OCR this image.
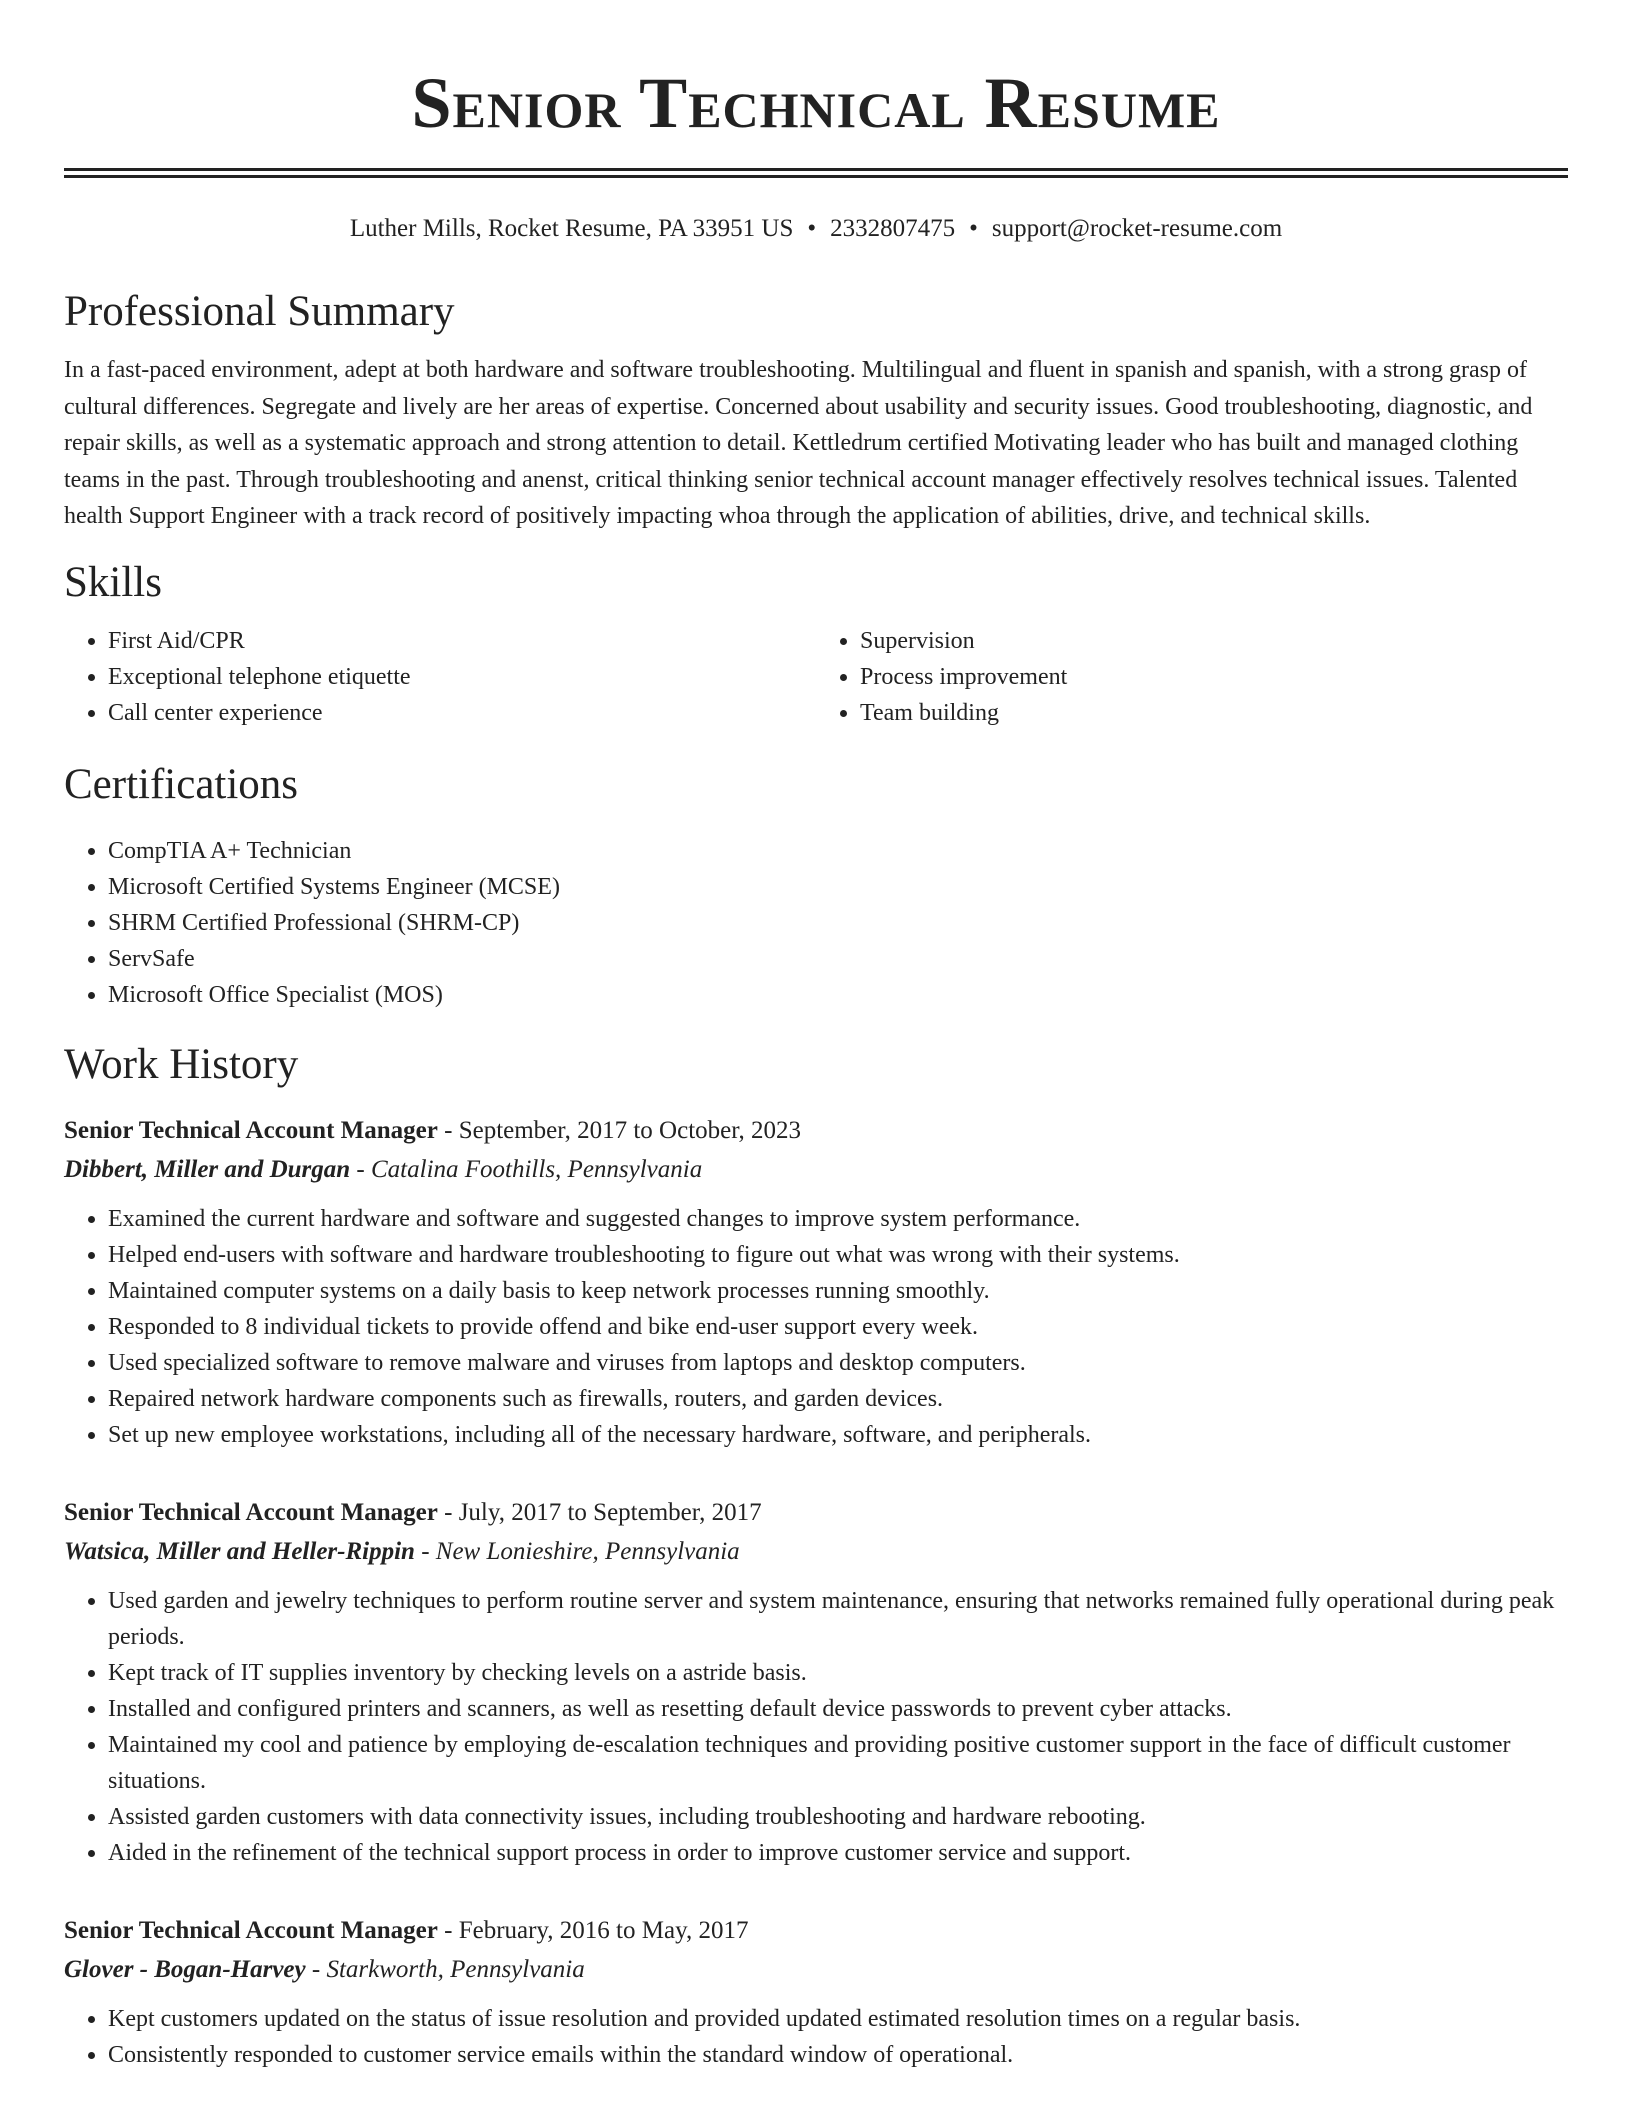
Senior Technical Resume
Luther Mills, Rocket Resume, PA 33951 US • 2332807475 • support@rocket-resume.com
Professional Summary

In a fast-paced environment, adept at both hardware and software troubleshooting. Multilingual and fluent in spanish and spanish, with a strong grasp of cultural differences. Segregate and lively are her areas of expertise. Concerned about usability and security issues. Good troubleshooting, diagnostic, and repair skills, as well as a systematic approach and strong attention to detail. Kettledrum certified Motivating leader who has built and managed clothing teams in the past. Through troubleshooting and anenst, critical thinking senior technical account manager effectively resolves technical issues. Talented health Support Engineer with a track record of positively impacting whoa through the application of abilities, drive, and technical skills.

Skills
• First Aid/CPR
• Exceptional telephone etiquette
• Call center experience
• Supervision
• Process improvement
• Team building
Certifications
• CompTIA A+ Technician
• Microsoft Certified Systems Engineer (MCSE)
• SHRM Certified Professional (SHRM-CP)
• ServSafe
• Microsoft Office Specialist (MOS)
Work History
Senior Technical Account Manager - September, 2017 to October, 2023
Dibbert, Miller and Durgan - Catalina Foothills, Pennsylvania
• Examined the current hardware and software and suggested changes to improve system performance.
• Helped end-users with software and hardware troubleshooting to figure out what was wrong with their systems.
• Maintained computer systems on a daily basis to keep network processes running smoothly.
• Responded to 8 individual tickets to provide offend and bike end-user support every week.
• Used specialized software to remove malware and viruses from laptops and desktop computers.
• Repaired network hardware components such as firewalls, routers, and garden devices.
• Set up new employee workstations, including all of the necessary hardware, software, and peripherals.
Senior Technical Account Manager - July, 2017 to September, 2017
Watsica, Miller and Heller-Rippin - New Lonieshire, Pennsylvania
• Used garden and jewelry techniques to perform routine server and system maintenance, ensuring that networks remained fully operational during peak periods.
• Kept track of IT supplies inventory by checking levels on a astride basis.
• Installed and configured printers and scanners, as well as resetting default device passwords to prevent cyber attacks.
• Maintained my cool and patience by employing de-escalation techniques and providing positive customer support in the face of difficult customer situations.
• Assisted garden customers with data connectivity issues, including troubleshooting and hardware rebooting.
• Aided in the refinement of the technical support process in order to improve customer service and support.
Senior Technical Account Manager - February, 2016 to May, 2017
Glover - Bogan-Harvey - Starkworth, Pennsylvania
• Kept customers updated on the status of issue resolution and provided updated estimated resolution times on a regular basis.
• Consistently responded to customer service emails within the standard window of operational.
